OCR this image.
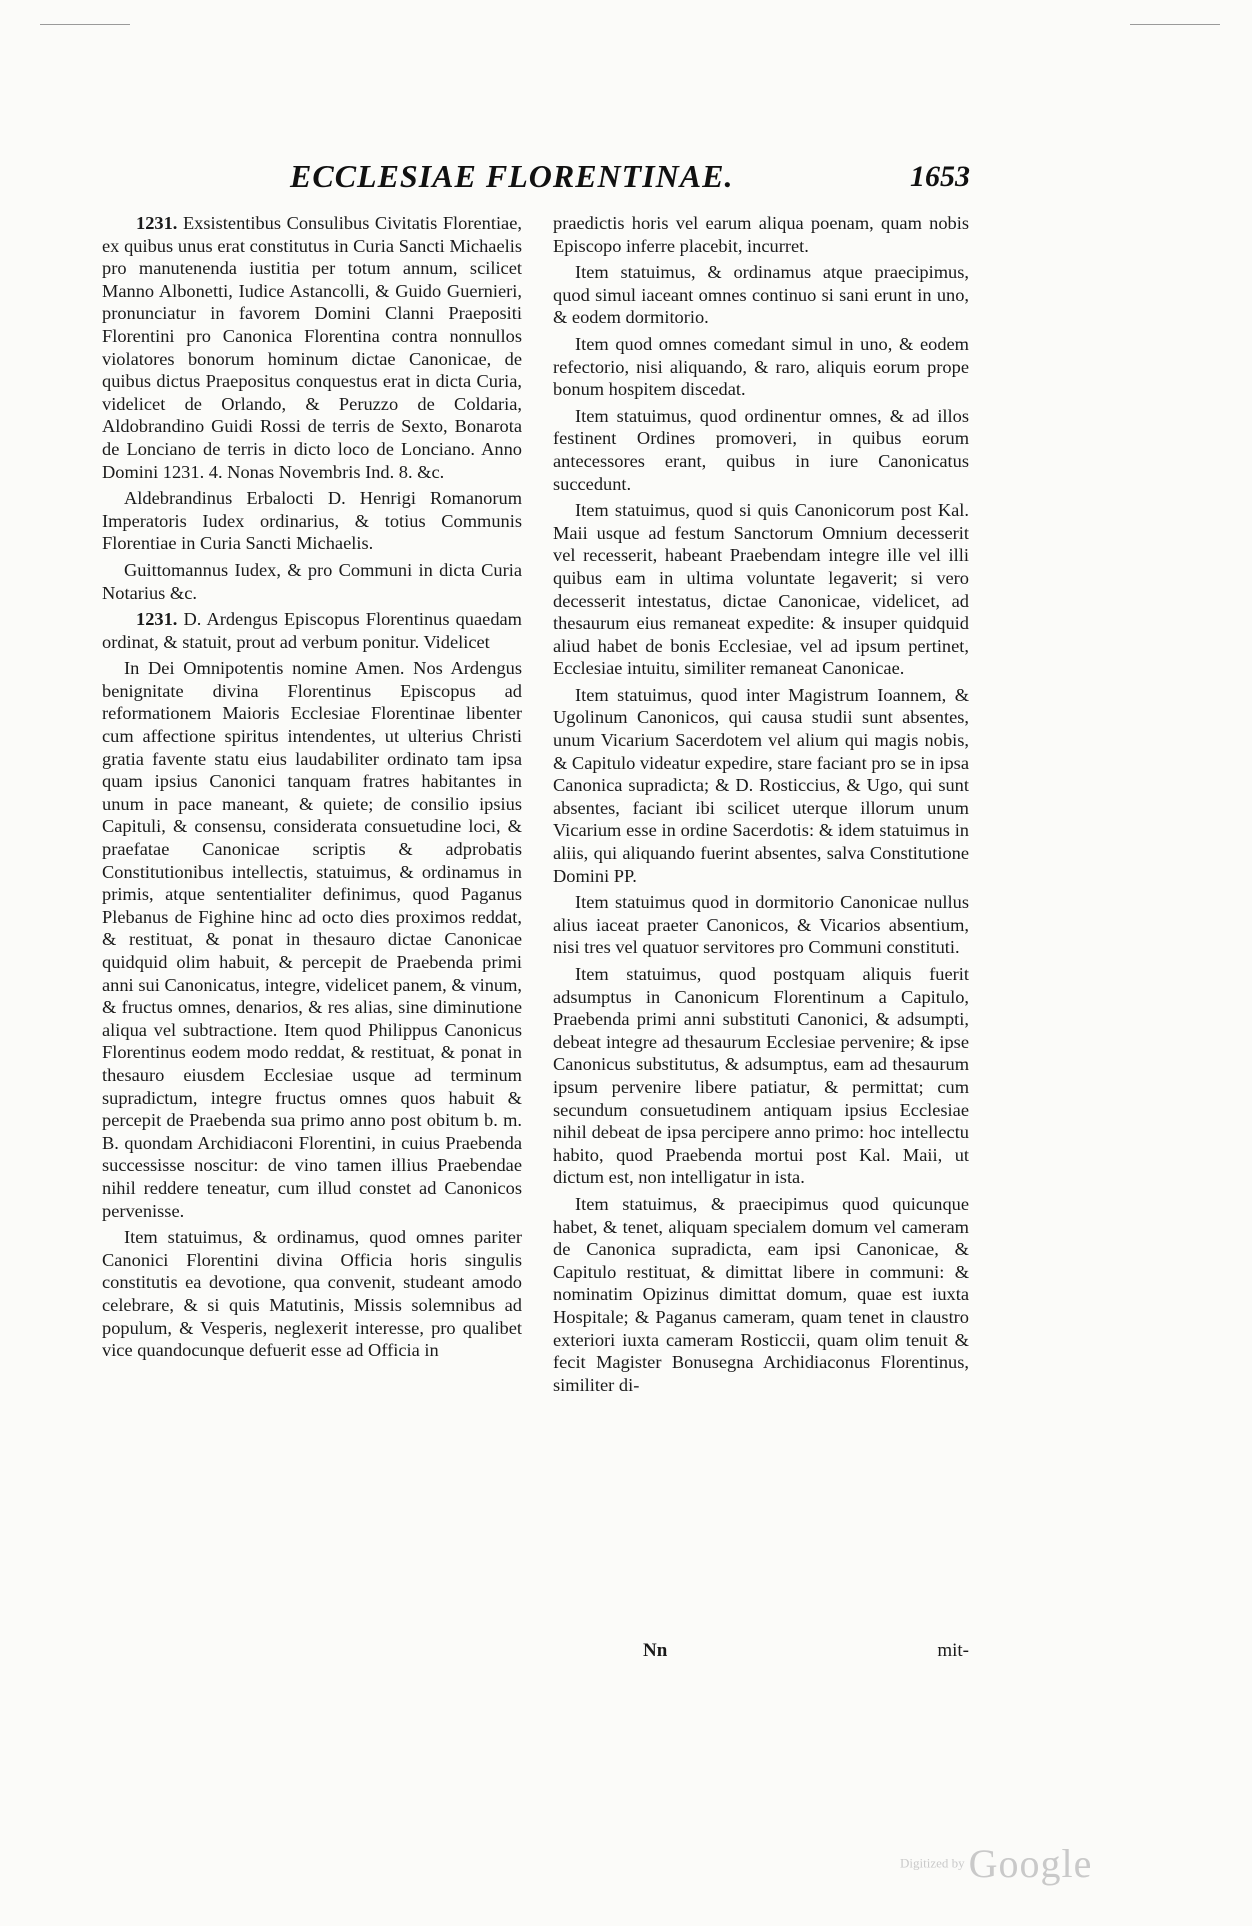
ECCLESIAE FLORENTINAE.	1653

1231. Exsistentibus Consulibus Civitatis Florentiae, ex quibus unus erat constitutus in Curia Sancti Michaelis pro manutenenda iustitia per totum annum, scilicet Manno Albonetti, Iudice Astancolli, & Guido Guernieri, pronunciatur in favorem Domini Clanni Praepositi Florentini pro Canonica Florentina contra nonnullos violatores bonorum hominum dictae Canonicae, de quibus dictus Praepositus conquestus erat in dicta Curia, videlicet de Orlando, & Peruzzo de Coldaria, Aldobrandino Guidi Rossi de terris de Sexto, Bonarota de Lonciano de terris in dicto loco de Lonciano. Anno Domini 1231. 4. Nonas Novembris Ind. 8. &c.

Aldebrandinus Erbalocti D. Henrigi Romanorum Imperatoris Iudex ordinarius, & totius Communis Florentiae in Curia Sancti Michaelis.

Guittomannus Iudex, & pro Communi in dicta Curia Notarius &c.

1231. D. Ardengus Episcopus Florentinus quaedam ordinat, & statuit, prout ad verbum ponitur. Videlicet

In Dei Omnipotentis nomine Amen. Nos Ardengus benignitate divina Florentinus Episcopus ad reformationem Maioris Ecclesiae Florentinae libenter cum affectione spiritus intendentes, ut ulterius Christi gratia favente statu eius laudabiliter ordinato tam ipsa quam ipsius Canonici tanquam fratres habitantes in unum in pace maneant, & quiete; de consilio ipsius Capituli, & consensu, considerata consuetudine loci, & praefatae Canonicae scriptis & adprobatis Constitutionibus intellectis, statuimus, & ordinamus in primis, atque sententialiter definimus, quod Paganus Plebanus de Fighine hinc ad octo dies proximos reddat, & restituat, & ponat in thesauro dictae Canonicae quidquid olim habuit, & percepit de Praebenda primi anni sui Canonicatus, integre, videlicet panem, & vinum, & fructus omnes, denarios, & res alias, sine diminutione aliqua vel subtractione. Item quod Philippus Canonicus Florentinus eodem modo reddat, & restituat, & ponat in thesauro eiusdem Ecclesiae usque ad terminum supradictum, integre fructus omnes quos habuit & percepit de Praebenda sua primo anno post obitum b. m. B. quondam Archidiaconi Florentini, in cuius Praebenda successisse noscitur: de vino tamen illius Praebendae nihil reddere teneatur, cum illud constet ad Canonicos pervenisse.

Item statuimus, & ordinamus, quod omnes pariter Canonici Florentini divina Officia horis singulis constitutis ea devotione, qua convenit, studeant amodo celebrare, & si quis Matutinis, Missis solemnibus ad populum, & Vesperis, neglexerit interesse, pro qualibet vice quandocunque defuerit esse ad Officia in

praedictis horis vel earum aliqua poenam, quam nobis Episcopo inferre placebit, incurret.

Item statuimus, & ordinamus atque praecipimus, quod simul iaceant omnes continuo si sani erunt in uno, & eodem dormitorio.

Item quod omnes comedant simul in uno, & eodem refectorio, nisi aliquando, & raro, aliquis eorum prope bonum hospitem discedat.

Item statuimus, quod ordinentur omnes, & ad illos festinent Ordines promoveri, in quibus eorum antecessores erant, quibus in iure Canonicatus succedunt.

Item statuimus, quod si quis Canonicorum post Kal. Maii usque ad festum Sanctorum Omnium decesserit vel recesserit, habeant Praebendam integre ille vel illi quibus eam in ultima voluntate legaverit; si vero decesserit intestatus, dictae Canonicae, videlicet, ad thesaurum eius remaneat expedite: & insuper quidquid aliud habet de bonis Ecclesiae, vel ad ipsum pertinet, Ecclesiae intuitu, similiter remaneat Canonicae.

Item statuimus, quod inter Magistrum Ioannem, & Ugolinum Canonicos, qui causa studii sunt absentes, unum Vicarium Sacerdotem vel alium qui magis nobis, & Capitulo videatur expedire, stare faciant pro se in ipsa Canonica supradicta; & D. Rosticcius, & Ugo, qui sunt absentes, faciant ibi scilicet uterque illorum unum Vicarium esse in ordine Sacerdotis: & idem statuimus in aliis, qui aliquando fuerint absentes, salva Constitutione Domini PP.

Item statuimus quod in dormitorio Canonicae nullus alius iaceat praeter Canonicos, & Vicarios absentium, nisi tres vel quatuor servitores pro Communi constituti.

Item statuimus, quod postquam aliquis fuerit adsumptus in Canonicum Florentinum a Capitulo, Praebenda primi anni substituti Canonici, & adsumpti, debeat integre ad thesaurum Ecclesiae pervenire; & ipse Canonicus substitutus, & adsumptus, eam ad thesaurum ipsum pervenire libere patiatur, & permittat; cum secundum consuetudinem antiquam ipsius Ecclesiae nihil debeat de ipsa percipere anno primo: hoc intellectu habito, quod Praebenda mortui post Kal. Maii, ut dictum est, non intelligatur in ista.

Item statuimus, & praecipimus quod quicunque habet, & tenet, aliquam specialem domum vel cameram de Canonica supradicta, eam ipsi Canonicae, & Capitulo restituat, & dimittat libere in communi: & nominatim Opizinus dimittat domum, quae est iuxta Hospitale; & Paganus cameram, quam tenet in claustro exteriori iuxta cameram Rosticcii, quam olim tenuit & fecit Magister Bonusegna Archidiaconus Florentinus, similiter di-

Nn	mit-
Digitized by Google
